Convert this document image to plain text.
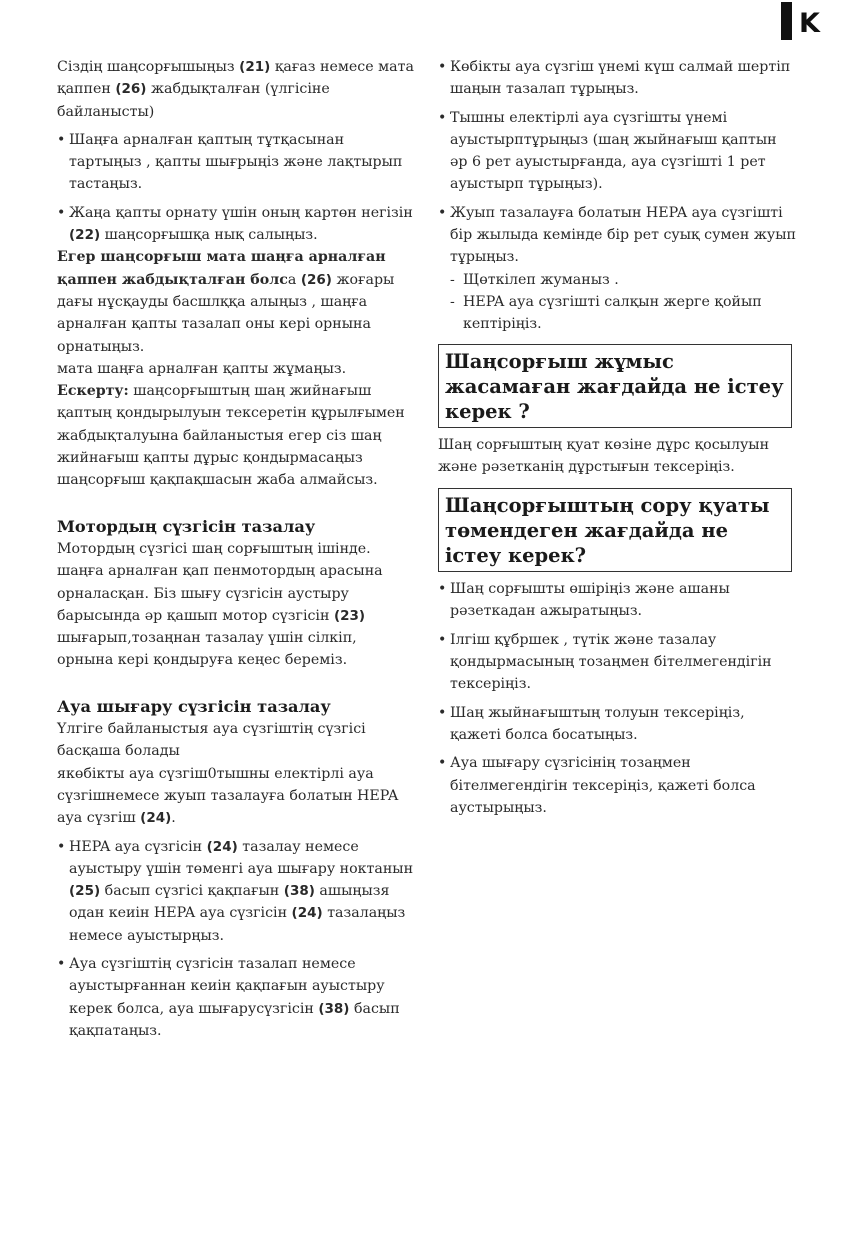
K

Сіздің шаңсорғышыңыз (21) қағаз немесе мата қаппен (26) жабдықталған (үлгісіне байланысты)

• Шаңға арналған қаптың тұтқасынан тартыңыз , қапты шығрыңіз және лақтырып тастаңыз.
• Жаңа қапты орнату үшін оның картөн негізін (22) шаңсорғышқа нық салыңыз.

Егер шаңсорғыш мата шаңға арналған қаппен жабдықталған болса (26) жоғары дағы нұсқауды басшлққа алыңыз , шаңға арналған қапты тазалап оны кері орнына орнатыңыз.

мата шаңға арналған қапты жұмаңыз.

Ескерту: шаңсорғыштың шаң жийнағыш қаптың қондырылуын тексеретін құрылғымен жабдықталуына байланыстыя егер сіз шаң жийнағыш қапты дұрыс қондырмасаңыз шаңсорғыш қақпақшасын жаба алмайсыз.

Мотордың сүзгісін тазалау

Мотордың сүзгісі шаң сорғыштың ішінде. шаңға арналған қап пенмотордың арасына орналасқан. Біз шығу сүзгісін аустыру барысында әр қашып мотор сүзгісін (23) шығарып,тозаңнан тазалау үшін сілкіп, орнына кері қондыруға кеңес береміз.

Ауа шығару сүзгісін тазалау

Үлгіге байланыстыя ауа сүзгіштің сүзгісі басқаша болады
якөбікты ауа сүзгіш0тышны електірлі ауа сүзгішнемесе жуып тазалауға болатын HEPA ауа сүзгіш (24).

• HEPA ауа сүзгісін (24) тазалау немесе ауыстыру үшін төменгі ауа шығару ноктанын (25) басып сүзгісі қақпағын (38) ашыңызя одан кеиін HEPA ауа сүзгісін (24) тазалаңыз немесе ауыстырңыз.
• Ауа сүзгіштің сүзгісін тазалап немесе ауыстырғаннан кеиін қақпағын ауыстыру керек болса, ауа шығарусүзгісін (38) басып қақпатаңыз.
• Көбікты ауа сүзгіш үнемі күш салмай шертіп шаңын тазалап тұрыңыз.
• Тышны електірлі ауа сүзгішты үнемі ауыстырптұрыңыз (шаң жыйнағыш қаптын әр 6 рет ауыстырғанда, ауа сүзгішті 1 рет ауыстырп тұрыңыз).
• Жуып тазалауға болатын HEPA ауа сүзгішті бір жылыда кемінде бір рет суық сумен жуып тұрыңыз.
- Щөткілеп жуманыз .
- HEPA ауа сүзгішті салқын жерге қойып кептіріңіз.
Шаңсорғыш жұмыс жасамаған жағдайда не істеу керек ?

Шаң сорғыштың қуат көзіне дұрс қосылуын және рәзетканің дұрстығын тексеріңіз.

Шаңсорғыштың сору қуаты төмендеген жағдайда не істеу керек?
• Шаң сорғышты өшіріңіз және ашаны рәзеткадан ажыратыңыз.
• Ілгіш құбршек , түтік және тазалау қондырмасының тозаңмен бітелмегендігін тексеріңіз.
• Шаң жыйнағыштың толуын тексеріңіз, қажеті болса босатыңыз.
• Ауа шығару сүзгісінің тозаңмен бітелмегендігін тексеріңіз, қажеті болса аустырыңыз.
